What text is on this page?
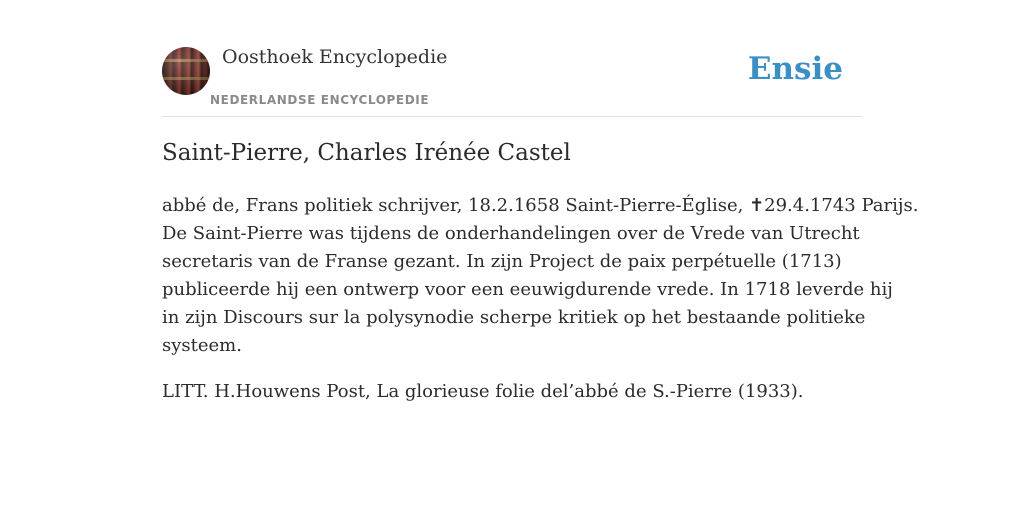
Oosthoek Encyclopedie
NEDERLANDSE ENCYCLOPEDIE
Ensie
Saint-Pierre, Charles Irénée Castel

abbé de, Frans politiek schrijver, 18.2.1658 Saint-Pierre-Église, ✝29.4.1743 Parijs.
De Saint-Pierre was tijdens de onderhandelingen over de Vrede van Utrecht
secretaris van de Franse gezant. In zijn Project de paix perpétuelle (1713)
publiceerde hij een ontwerp voor een eeuwigdurende vrede. In 1718 leverde hij
in zijn Discours sur la polysynodie scherpe kritiek op het bestaande politieke
systeem.

LITT. H.Houwens Post, La glorieuse folie del’abbé de S.-Pierre (1933).
